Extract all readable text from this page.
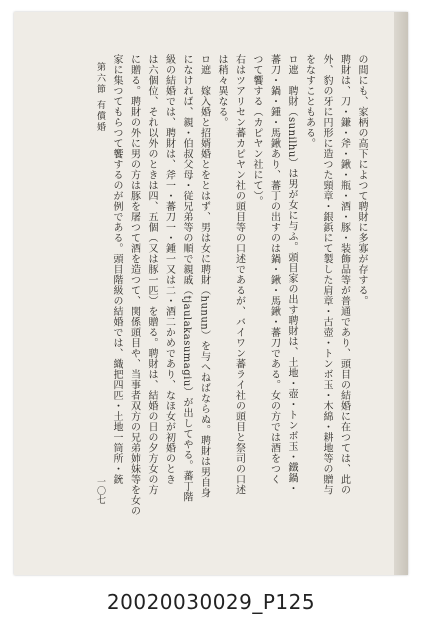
の間にも、家柄の高下によつて聘財に多寡が存する。

聘財は、刀・鎌・斧・鍬・瓶・酒・豚・装飾品等が普通であり、頭目の結婚に在つては、此の

外、豹の牙に円形に造つた頸章・銀鋲にて製した肩章・古壺・トンボ玉・木綿・耕地等の贈与

をなすこともある。

ロ遮　聘財（sunilhu）は男が女に与ふ。頭目家の出す聘財は、土地・壺・トンボ玉・鐵鍋・

蕃刀・鍋・鍾・馬鍬あり、蕃丁の出すのは鍋・鍬・馬鍬・蕃刀である。女の方では酒をつく

つて饗する（カピヤン社にて）。

右はツアリセン蕃カピヤン社の頭目等の口述であるが、バイワン蕃ライ社の頭目と祭司の口述

は稍々異なる。

ロ遮　嫁入婚と招婿婚とをとはず、男は女に聘財（hunun）を与へねばならぬ。聘財は男自身

になければ、親・伯叔父母・従兄弟等の順で親戚（tjaulakasumagiu）が出してやる。蕃丁階

級の結婚では、聘財は、斧一・蕃刀一・鍾一又は二・酒二かめであり、なほ女が初婚のとき

は六個位、それ以外のときは四、五個（又は豚一匹）を贈る。聘財は、結婚の日の夕方女の方

に贈る。聘財の外に男の方は豚を屠つて酒を造つて、関係頭目や、当事者双方の兄弟姉妹等を女の

家に集つてもらつて饗するのが例である。頭目階級の結婚では、織把四匹・土地一筒所・銃

第六節 有償婚
一〇七
20020030029_P125
